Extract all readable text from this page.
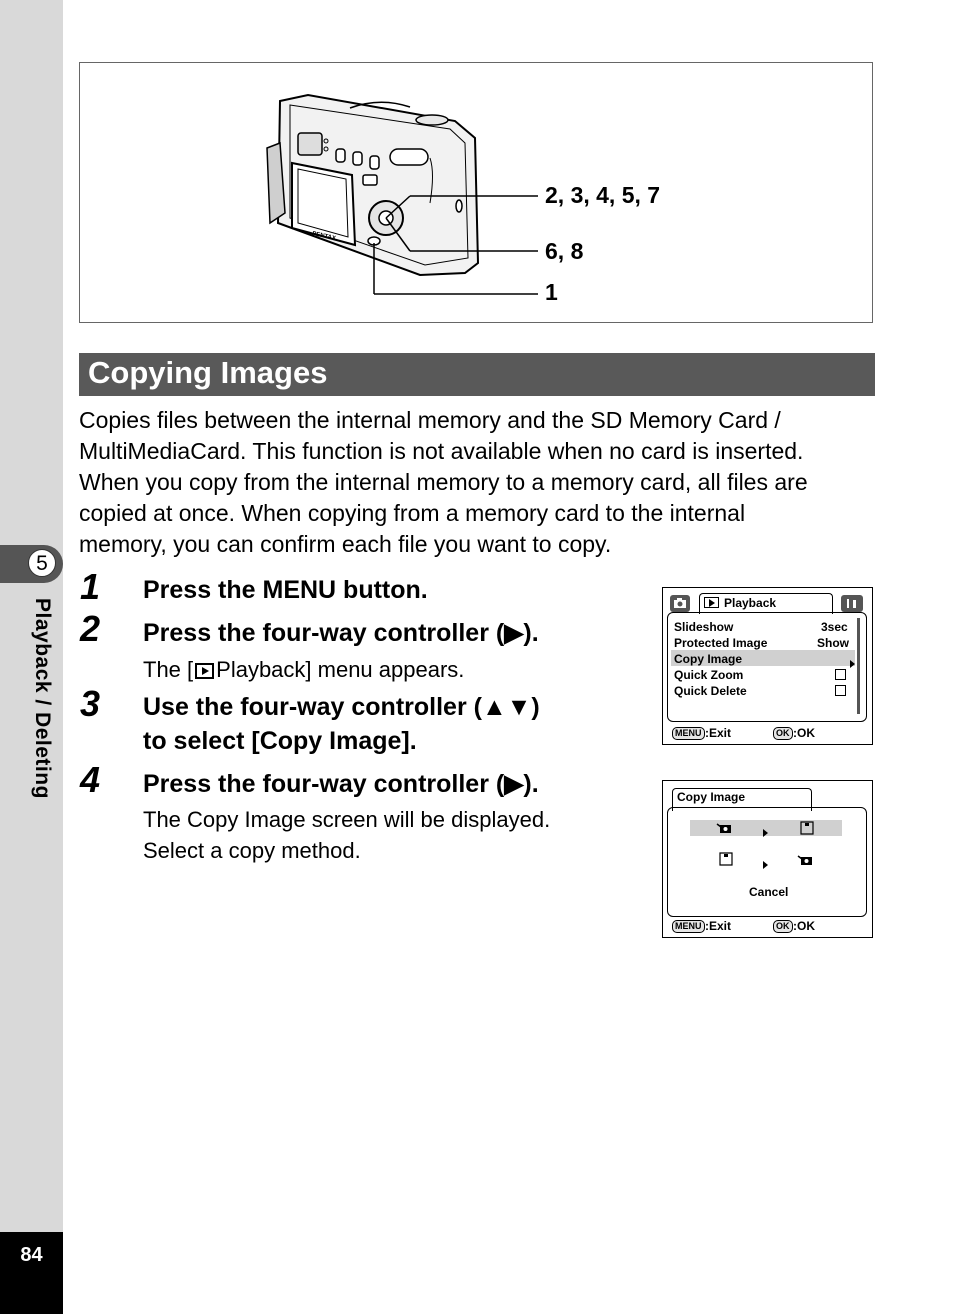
5
Playback / Deleting
84
PENTAX
2, 3, 4, 5, 7
6, 8
1
Copying Images
Copies files between the internal memory and the SD Memory Card /
MultiMediaCard. This function is not available when no card is inserted.
When you copy from the internal memory to a memory card, all files are
copied at once. When copying from a memory card to the internal
memory, you can confirm each file you want to copy.
1 Press the MENU button.
2 Press the four-way controller (▶).
The [ Playback] menu appears.
3 Use the four-way controller (▲▼)
to select [Copy Image].
4 Press the four-way controller (▶).
The Copy Image screen will be displayed.
Select a copy method.
Playback
Slideshow	3sec
Protected Image	Show
Copy Image
Quick Zoom
Quick Delete
MENU :Exit	OK :OK
Copy Image
Cancel
MENU :Exit	OK :OK
